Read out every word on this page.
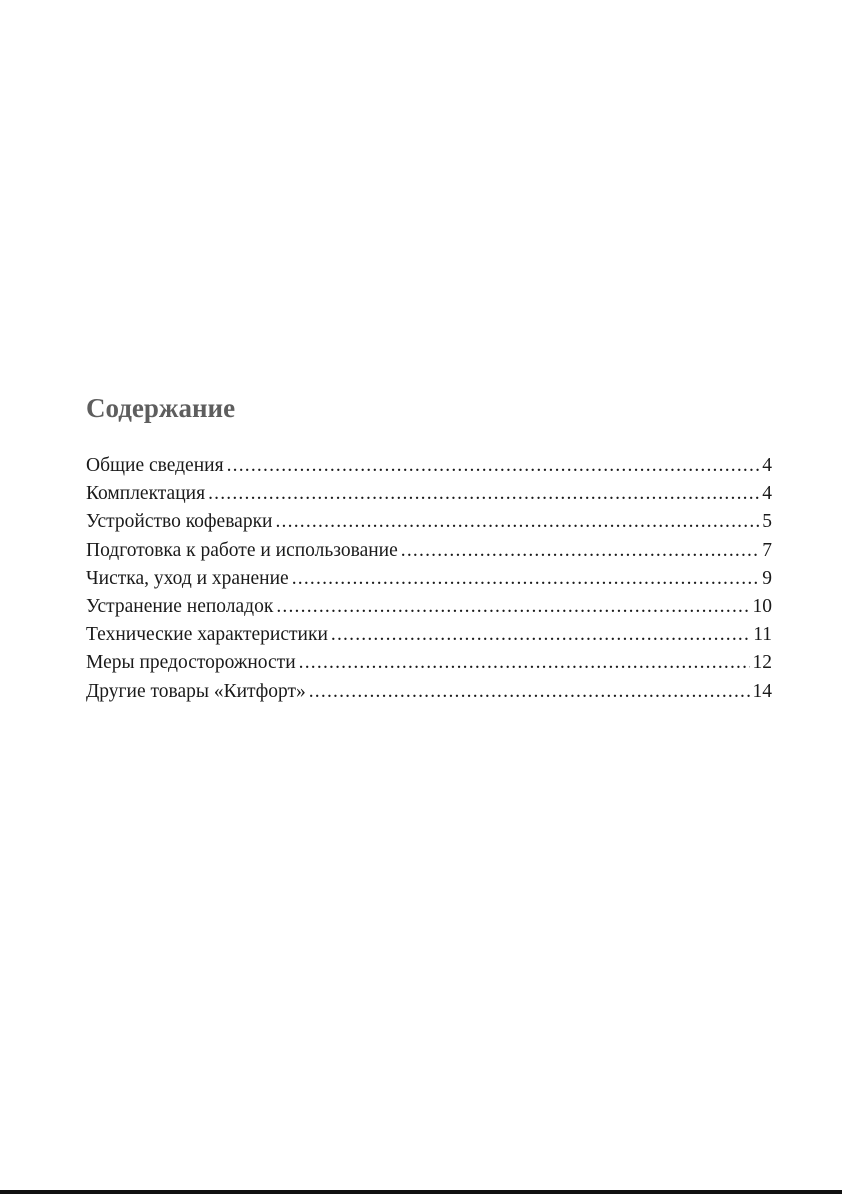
Содержание
Общие сведения .....	4
Комплектация .....	4
Устройство кофеварки .....	5
Подготовка к работе и использование .....	7
Чистка, уход и хранение .....	9
Устранение неполадок .....	10
Технические характеристики .....	11
Меры предосторожности .....	12
Другие товары «Китфорт» .....	14
